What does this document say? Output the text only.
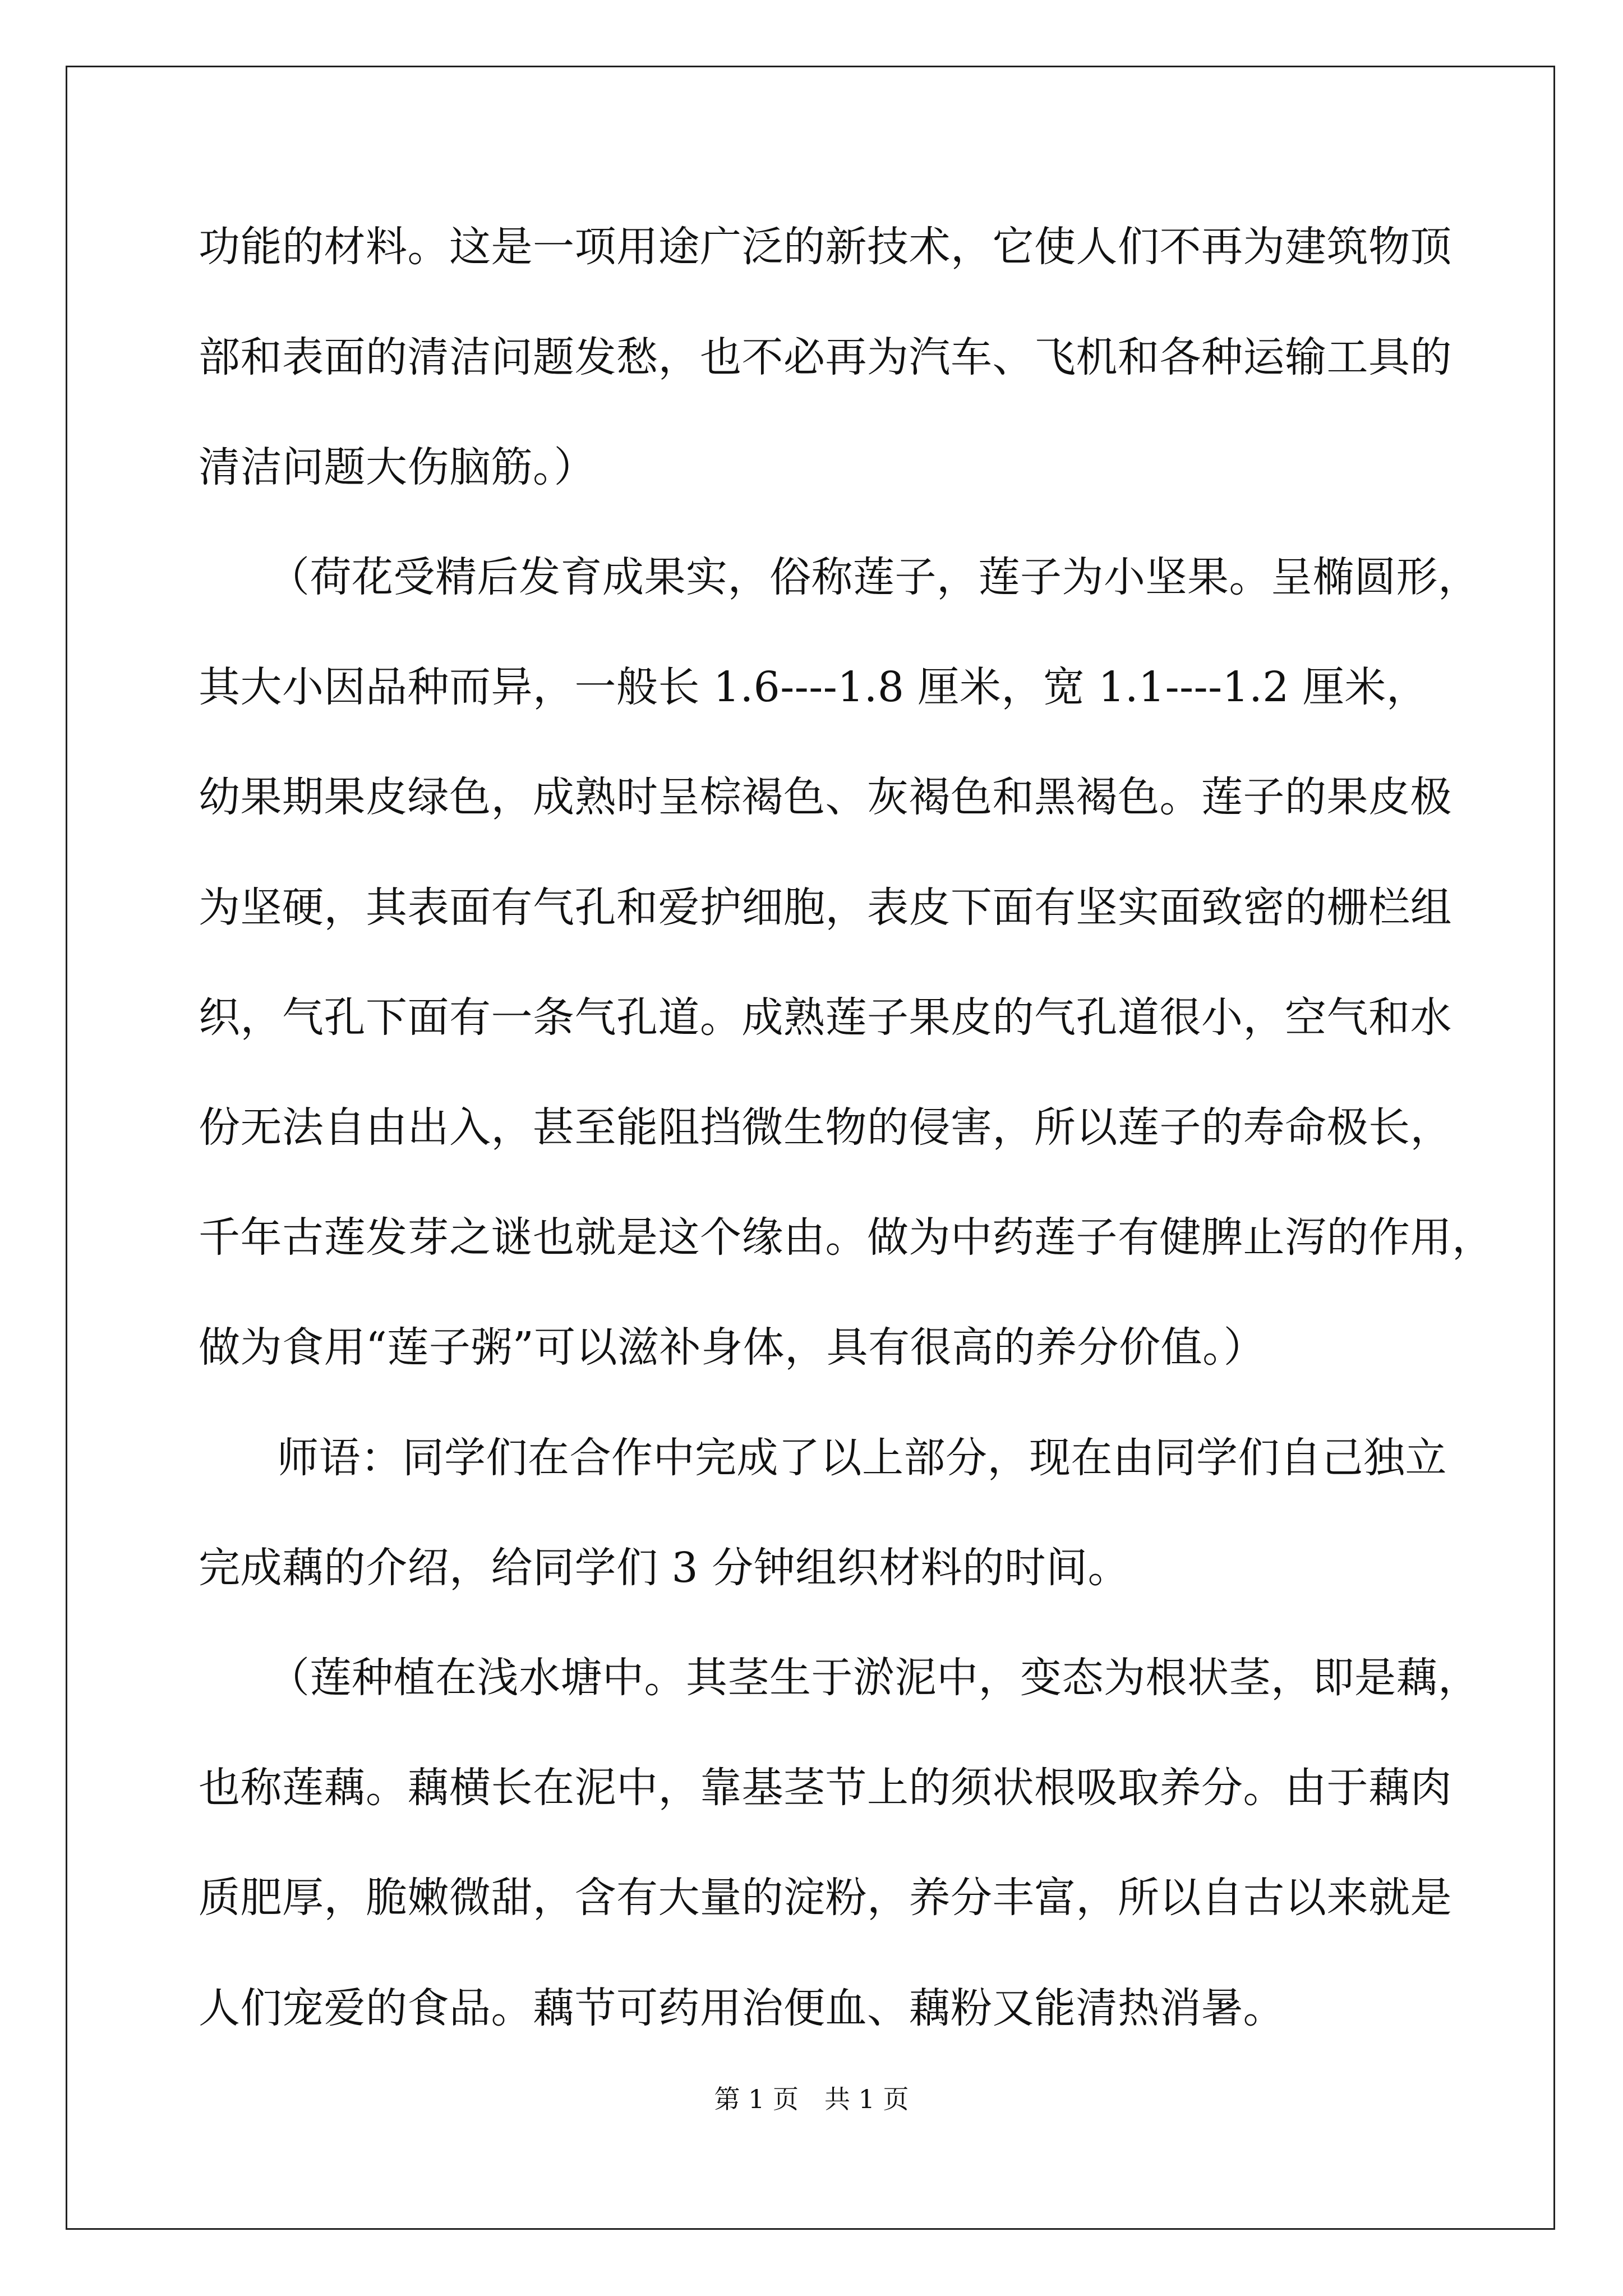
功能的材料。这是一项用途广泛的新技术，它使人们不再为建筑物顶
部和表面的清洁问题发愁，也不必再为汽车、飞机和各种运输工具的
清洁问题大伤脑筋。）
（荷花受精后发育成果实，俗称莲子，莲子为小坚果。呈椭圆形，
其大小因品种而异，一般长 1.6----1.8 厘米，宽 1.1----1.2 厘米，
幼果期果皮绿色，成熟时呈棕褐色、灰褐色和黑褐色。莲子的果皮极
为坚硬，其表面有气孔和爱护细胞，表皮下面有坚实面致密的栅栏组
织，气孔下面有一条气孔道。成熟莲子果皮的气孔道很小，空气和水
份无法自由出入，甚至能阻挡微生物的侵害，所以莲子的寿命极长，
千年古莲发芽之谜也就是这个缘由。做为中药莲子有健脾止泻的作用，
做为食用“莲子粥”可以滋补身体，具有很高的养分价值。）
师语：同学们在合作中完成了以上部分，现在由同学们自己独立
完成藕的介绍，给同学们 3 分钟组织材料的时间。
（莲种植在浅水塘中。其茎生于淤泥中，变态为根状茎，即是藕，
也称莲藕。藕横长在泥中，靠基茎节上的须状根吸取养分。由于藕肉
质肥厚，脆嫩微甜，含有大量的淀粉，养分丰富，所以自古以来就是
人们宠爱的食品。藕节可药用治便血、藕粉又能清热消暑。
第 1 页　共 1 页
